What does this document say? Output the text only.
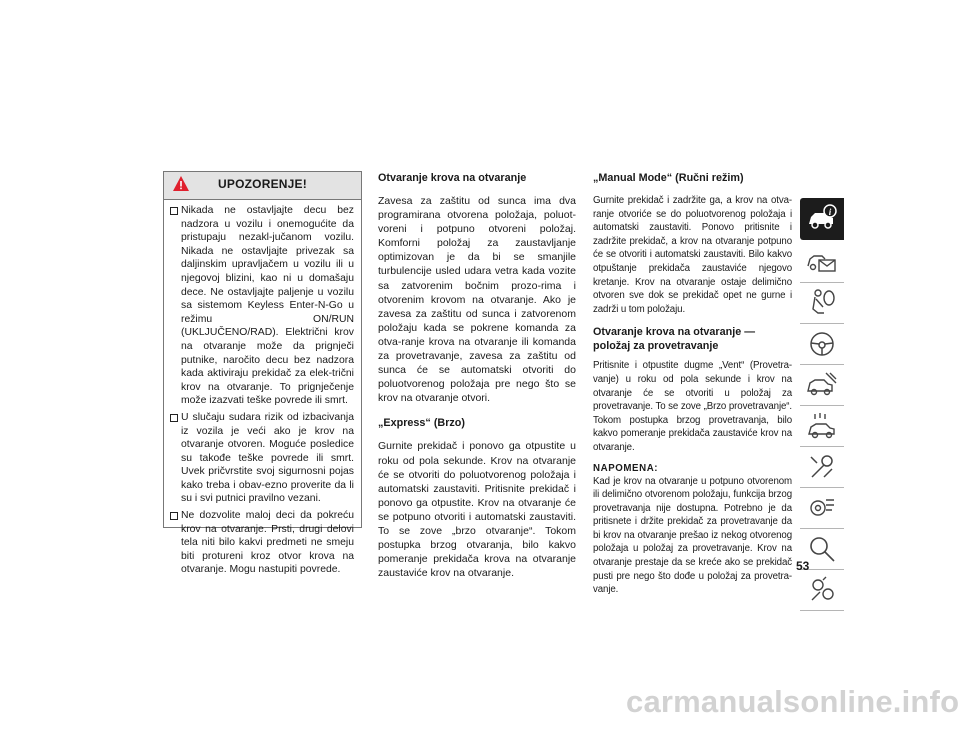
UPOZORENJE!
Nikada ne ostavljajte decu bez nadzora u vozilu i onemogućite da pristupaju nezakl-jučanom vozilu. Nikada ne ostavljajte privezak sa daljinskim upravljačem u vozilu ili u njegovoj blizini, kao ni u domašaju dece. Ne ostavljajte paljenje u vozilu sa sistemom Keyless Enter-N-Go u režimu ON/RUN (UKLJUČENO/RAD). Električni krov na otvaranje može da prignječi putnike, naročito decu bez nadzora kada aktiviraju prekidač za elek-trični krov na otvaranje. To prignječenje može izazvati teške povrede ili smrt.
U slučaju sudara rizik od izbacivanja iz vozila je veći ako je krov na otvaranje otvoren. Moguće posledice su takođe teške povrede ili smrt. Uvek pričvrstite svoj sigurnosni pojas kako treba i obav-ezno proverite da li su i svi putnici pravilno vezani.
Ne dozvolite maloj deci da pokreću krov na otvaranje. Prsti, drugi delovi tela niti bilo kakvi predmeti ne smeju biti protureni kroz otvor krova na otvaranje. Mogu nastupiti povrede.
Otvaranje krova na otvaranje
Zavesa za zaštitu od sunca ima dva programirana otvorena položaja, poluot-voreni i potpuno otvoreni položaj. Komforni položaj za zaustavljanje optimizovan je da bi se smanjile turbulencije usled udara vetra kada vozite sa zatvorenim bočnim prozo-rima i otvorenim krovom na otvaranje. Ako je zavesa za zaštitu od sunca i zatvorenom položaju kada se pokrene komanda za otva-ranje krova na otvaranje ili komanda za provetravanje, zavesa za zaštitu od sunca će se automatski otvoriti do poluotvorenog položaja pre nego što se krov na otvaranje otvori.
„Express“ (Brzo)
Gurnite prekidač i ponovo ga otpustite u roku od pola sekunde. Krov na otvaranje će se otvoriti do poluotvorenog položaja i automatski zaustaviti. Pritisnite prekidač i ponovo ga otpustite. Krov na otvaranje će se potpuno otvoriti i automatski zaustaviti. To se zove „brzo otvaranje“. Tokom postupka brzog otvaranja, bilo kakvo pomeranje prekidača krova na otvaranje zaustaviće krov na otvaranje.
„Manual Mode“ (Ručni režim)
Gurnite prekidač i zadržite ga, a krov na otva-ranje otvoriće se do poluotvorenog položaja i automatski zaustaviti. Ponovo pritisnite i zadržite prekidač, a krov na otvaranje potpuno će se otvoriti i automatski zaustaviti. Bilo kakvo otpuštanje prekidača zaustaviće njegovo kretanje. Krov na otvaranje ostaje delimično otvoren sve dok se prekidač opet ne gurne i zadrži u tom položaju.
Otvaranje krova na otvaranje — položaj za provetravanje
Pritisnite i otpustite dugme „Vent“ (Provetra-vanje) u roku od pola sekunde i krov na otvaranje će se otvoriti u položaj za provetravanje. To se zove „Brzo provetravanje“. Tokom postupka brzog provetravanja, bilo kakvo pomeranje prekidača zaustaviće krov na otvaranje.
NAPOMENA:
Kad je krov na otvaranje u potpuno otvorenom ili delimično otvorenom položaju, funkcija brzog provetravanja nije dostupna. Potrebno je da pritisnete i držite prekidač za provetravanje da bi krov na otvaranje prešao iz nekog otvorenog položaja u položaj za provetravanje. Krov na otvaranje prestaje da se kreće ako se prekidač pusti pre nego što dođe u položaj za provetra-vanje.
i
53
carmanualsonline.info
